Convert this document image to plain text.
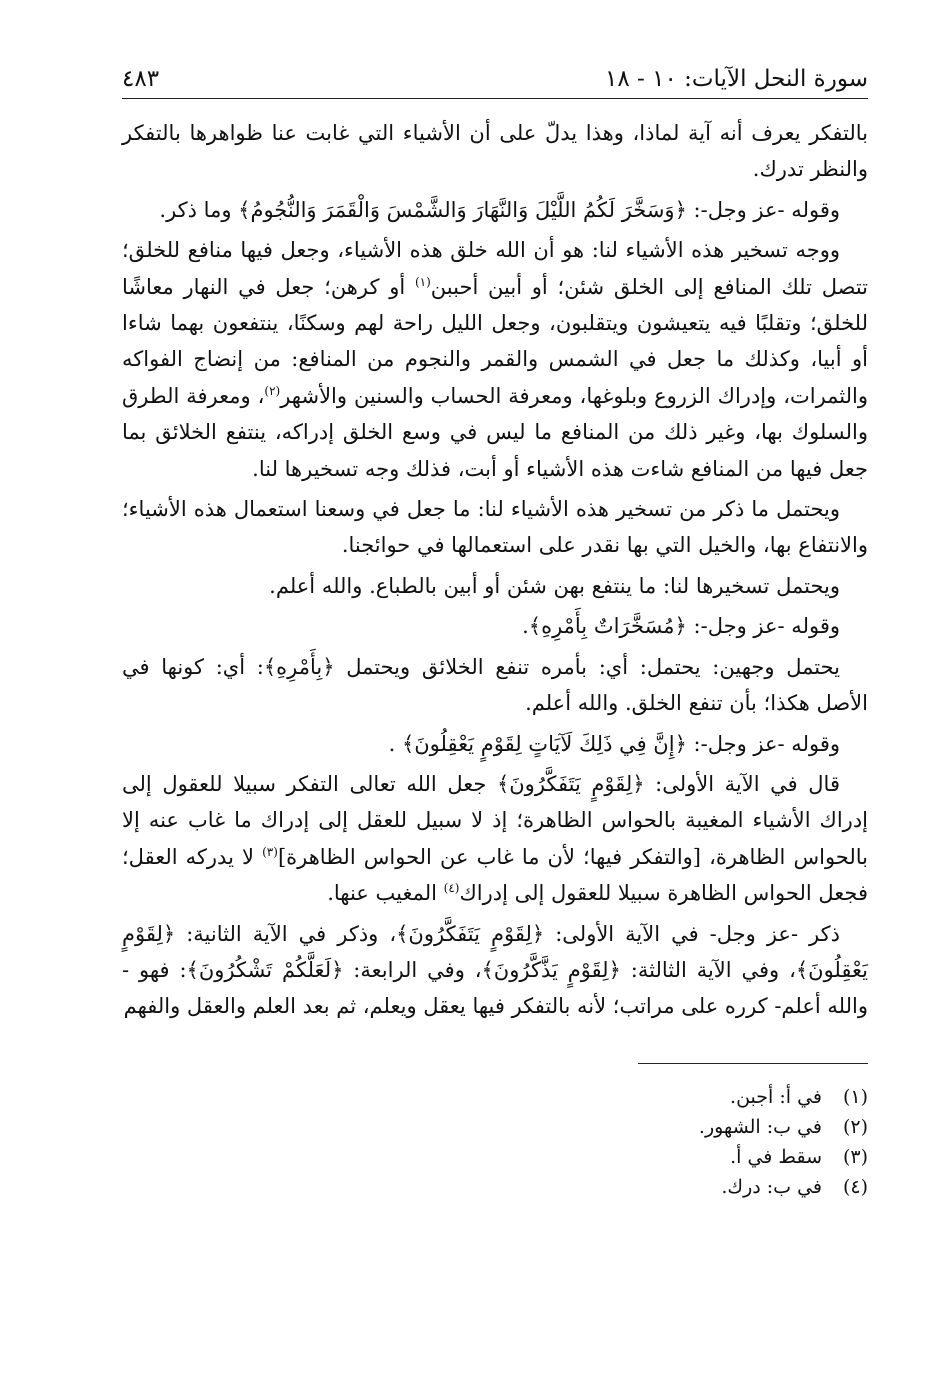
سورة النحل الآيات: ١٠ - ١٨
٤٨٣

بالتفكر يعرف أنه آية لماذا، وهذا يدلّ على أن الأشياء التي غابت عنا ظواهرها بالتفكر والنظر تدرك.

وقوله -عز وجل-: ﴿وَسَخَّرَ لَكُمُ اللَّيْلَ وَالنَّهَارَ وَالشَّمْسَ وَالْقَمَرَ وَالنُّجُومُ﴾ وما ذكر.

ووجه تسخير هذه الأشياء لنا: هو أن الله خلق هذه الأشياء، وجعل فيها منافع للخلق؛ تتصل تلك المنافع إلى الخلق شئن؛ أو أبين أحببن$^{(١)}$ أو كرهن؛ جعل في النهار معاشًا للخلق؛ وتقلبًا فيه يتعيشون ويتقلبون، وجعل الليل راحة لهم وسكنًا، ينتفعون بهما شاءا أو أبيا، وكذلك ما جعل في الشمس والقمر والنجوم من المنافع: من إنضاج الفواكه والثمرات، وإدراك الزروع وبلوغها، ومعرفة الحساب والسنين والأشهر$^{(٢)}$، ومعرفة الطرق والسلوك بها، وغير ذلك من المنافع ما ليس في وسع الخلق إدراكه، ينتفع الخلائق بما جعل فيها من المنافع شاءت هذه الأشياء أو أبت، فذلك وجه تسخيرها لنا.

ويحتمل ما ذكر من تسخير هذه الأشياء لنا: ما جعل في وسعنا استعمال هذه الأشياء؛ والانتفاع بها، والخيل التي بها نقدر على استعمالها في حوائجنا.

ويحتمل تسخيرها لنا: ما ينتفع بهن شئن أو أبين بالطباع. والله أعلم.

وقوله -عز وجل-: ﴿مُسَخَّرَاتٌ بِأَمْرِهِ﴾.

يحتمل وجهين: يحتمل: أي: بأمره تنفع الخلائق ويحتمل ﴿بِأَمْرِهِ﴾: أي: كونها في الأصل هكذا؛ بأن تنفع الخلق. والله أعلم.

وقوله -عز وجل-: ﴿إِنَّ فِي ذَلِكَ لَآيَاتٍ لِقَوْمٍ يَعْقِلُونَ﴾ .

قال في الآية الأولى: ﴿لِقَوْمٍ يَتَفَكَّرُونَ﴾ جعل الله تعالى التفكر سبيلا للعقول إلى إدراك الأشياء المغيبة بالحواس الظاهرة؛ إذ لا سبيل للعقل إلى إدراك ما غاب عنه إلا بالحواس الظاهرة، [والتفكر فيها؛ لأن ما غاب عن الحواس الظاهرة]$^{(٣)}$ لا يدركه العقل؛ فجعل الحواس الظاهرة سبيلا للعقول إلى إدراك$^{(٤)}$ المغيب عنها.

ذكر -عز وجل- في الآية الأولى: ﴿لِقَوْمٍ يَتَفَكَّرُونَ﴾، وذكر في الآية الثانية: ﴿لِقَوْمٍ يَعْقِلُونَ﴾، وفي الآية الثالثة: ﴿لِقَوْمٍ يَذَّكَّرُونَ﴾، وفي الرابعة: ﴿لَعَلَّكُمْ تَشْكُرُونَ﴾: فهو - والله أعلم- كرره على مراتب؛ لأنه بالتفكر فيها يعقل ويعلم، ثم بعد العلم والعقل والفهم

(١)في أ: أجبن.
(٢)في ب: الشهور.
(٣)سقط في أ.
(٤)في ب: درك.
